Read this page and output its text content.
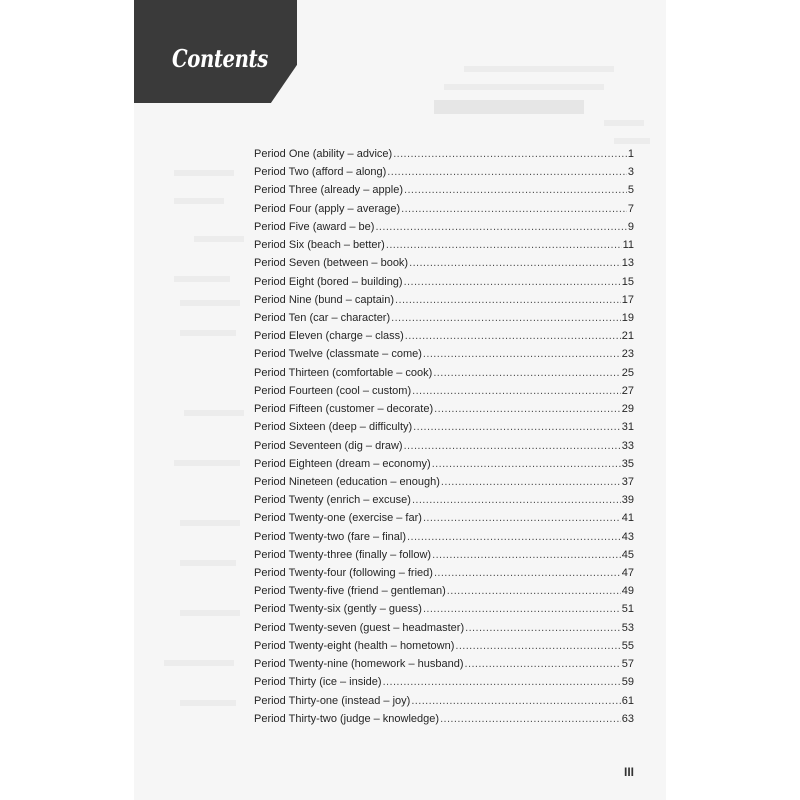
Contents
Period One (ability – advice) .....	1
Period Two (afford – along) .....	3
Period Three (already – apple) .....	5
Period Four (apply – average) .....	7
Period Five (award – be) .....	9
Period Six (beach – better) .....	11
Period Seven (between – book) .....	13
Period Eight (bored – building) .....	15
Period Nine (bund – captain) .....	17
Period Ten (car – character) .....	19
Period Eleven (charge – class) .....	21
Period Twelve (classmate – come) .....	23
Period Thirteen (comfortable – cook) .....	25
Period Fourteen (cool – custom) .....	27
Period Fifteen (customer – decorate) .....	29
Period Sixteen (deep – difficulty) .....	31
Period Seventeen (dig – draw) .....	33
Period Eighteen (dream – economy) .....	35
Period Nineteen (education – enough) .....	37
Period Twenty (enrich – excuse) .....	39
Period Twenty-one (exercise – far) .....	41
Period Twenty-two (fare – final) .....	43
Period Twenty-three (finally – follow) .....	45
Period Twenty-four (following – fried) .....	47
Period Twenty-five (friend – gentleman) .....	49
Period Twenty-six (gently – guess) .....	51
Period Twenty-seven (guest – headmaster) .....	53
Period Twenty-eight (health – hometown) .....	55
Period Twenty-nine (homework – husband) .....	57
Period Thirty (ice – inside) .....	59
Period Thirty-one (instead – joy) .....	61
Period Thirty-two (judge – knowledge) .....	63
III
